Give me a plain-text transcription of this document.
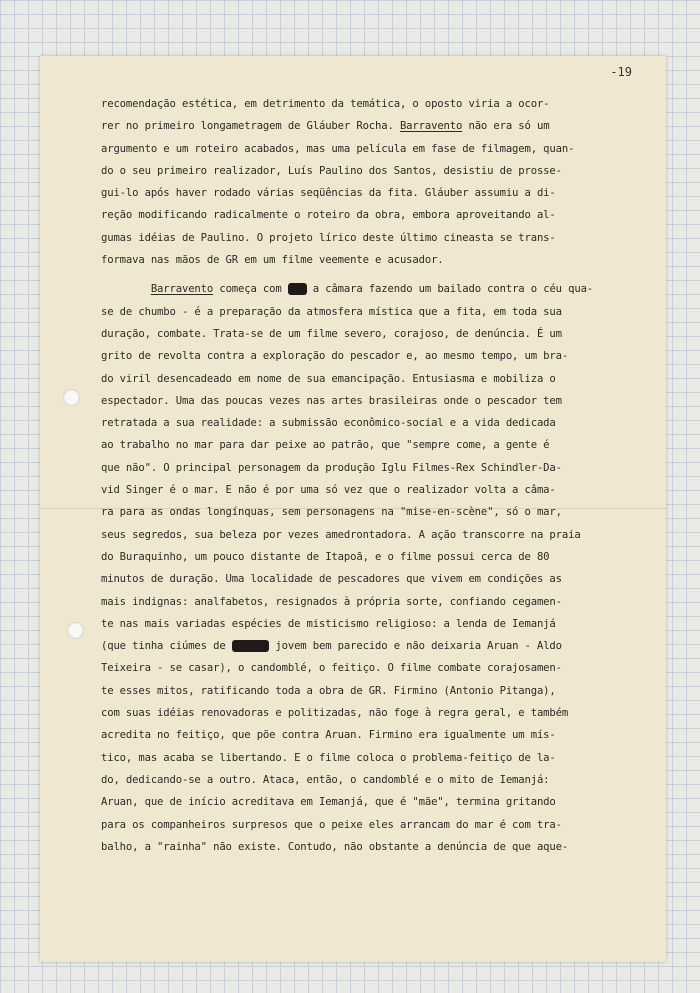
-19
recomendação estética, em detrimento da temática, o oposto viria a ocor-
rer no primeiro longametragem de Gláuber Rocha. Barravento não era só um
argumento e um roteiro acabados, mas uma película em fase de filmagem, quan-
do o seu primeiro realizador, Luís Paulino dos Santos, desistiu de prosse-
gui-lo após haver rodado várias seqüências da fita. Gláuber assumiu a di-
reção modificando radicalmente o roteiro da obra, embora aproveitando al-
gumas idéias de Paulino. O projeto lírico deste último cineasta se trans-
formava nas mãos de GR em um filme veemente e acusador.
Barravento começa com uma a câmara fazendo um bailado contra o céu qua-
se de chumbo - é a preparação da atmosfera mística que a fita, em toda sua
duração, combate. Trata-se de um filme severo, corajoso, de denúncia. É um
grito de revolta contra a exploração do pescador e, ao mesmo tempo, um bra-
do viril desencadeado em nome de sua emancipação. Entusiasma e mobiliza o
espectador. Uma das poucas vezes nas artes brasileiras onde o pescador tem
retratada a sua realidade: a submissão econômico-social e a vida dedicada
ao trabalho no mar para dar peixe ao patrão, que "sempre come, a gente é
que não". O principal personagem da produção Iglu Filmes-Rex Schindler-Da-
vid Singer é o mar. E não é por uma só vez que o realizador volta a câma-
ra para as ondas longínquas, sem personagens na "mise-en-scène", só o mar,
seus segredos, sua beleza por vezes amedrontadora. A ação transcorre na praia
do Buraquinho, um pouco distante de Itapoã, e o filme possui cerca de 80
minutos de duração. Uma localidade de pescadores que vivem em condições as
mais indignas: analfabetos, resignados à própria sorte, confiando cegamen-
te nas mais variadas espécies de misticismo religioso: a lenda de Iemanjá
(que tinha ciúmes de aquele jovem bem parecido e não deixaria Aruan - Aldo
Teixeira - se casar), o candomblé, o feitiço. O filme combate corajosamen-
te esses mitos, ratificando toda a obra de GR. Firmino (Antonio Pitanga),
com suas idéias renovadoras e politizadas, não foge à regra geral, e também
acredita no feitiço, que põe contra Aruan. Firmino era igualmente um mís-
tico, mas acaba se libertando. E o filme coloca o problema-feitiço de la-
do, dedicando-se a outro. Ataca, então, o candomblé e o mito de Iemanjá:
Aruan, que de início acreditava em Iemanjá, que é "mãe", termina gritando
para os companheiros surpresos que o peixe eles arrancam do mar é com tra-
balho, a "rainha" não existe. Contudo, não obstante a denúncia de que aque-
